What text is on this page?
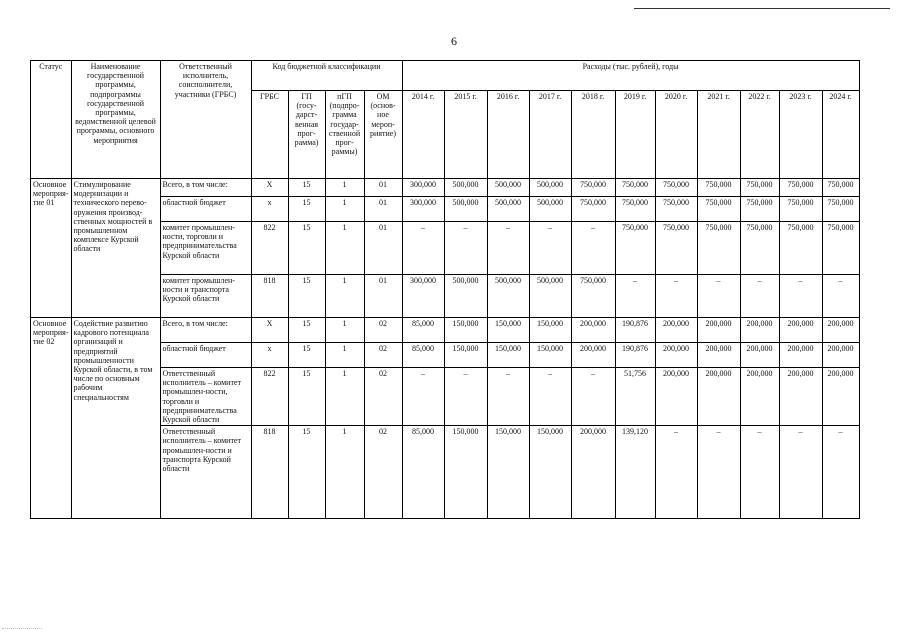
6
Статус	Наименование государственной программы, подпрограммы государственной программы, ведомственной целевой программы, основного мероприятия	Ответственный исполнитель, соисполнители, участники (ГРБС)	Код бюджетной классификации				Расходы (тыс. рублей), годы										
			ГРБС	ГП (госу-дарст-венная прог-рамма)	пГП (подпро-грамма государ-ственной прог-раммы)	ОМ (основ-ное мероп-риятие)	2014 г.	2015 г.	2016 г.	2017 г.	2018 г.	2019 г.	2020 г.	2021 г.	2022 г.	2023 г.	2024 г.
Основное мероприя-тие 01	Стимулирование модернизации и технического перево-оружения производ-ственных мощностей в промышленном комплексе Курской области	Всего, в том числе:	Х	15	1	01	300,000	500,000	500,000	500,000	750,000	750,000	750,000	750,000	750,000	750,000	750,000
		областной бюджет	х	15	1	01	300,000	500,000	500,000	500,000	750,000	750,000	750,000	750,000	750,000	750,000	750,000
		комитет промышлен-ности, торговли и предпринимательства Курской области	822	15	1	01	–	–	–	–	–	750,000	750,000	750,000	750,000	750,000	750,000
		комитет промышлен-ности и транспорта Курской области	818	15	1	01	300,000	500,000	500,000	500,000	750,000	–	–	–	–	–	–
Основное мероприя-тие 02	Содействие развитию кадрового потенциала организаций и предприятий промышленности Курской области, в том числе по основным рабочим специальностям	Всего, в том числе:	Х	15	1	02	85,000	150,000	150,000	150,000	200,000	190,876	200,000	200,000	200,000	200,000	200,000
		областной бюджет	х	15	1	02	85,000	150,000	150,000	150,000	200,000	190,876	200,000	200,000	200,000	200,000	200,000
		Ответственный исполнитель – комитет промышлен-ности, торговли и предпринимательства Курской области	822	15	1	02	–	–	–	–	–	51,756	200,000	200,000	200,000	200,000	200,000
		Ответственный исполнитель – комитет промышлен-ности и транспорта Курской области	818	15	1	02	85,000	150,000	150,000	150,000	200,000	139,120	–	–	–	–	–
